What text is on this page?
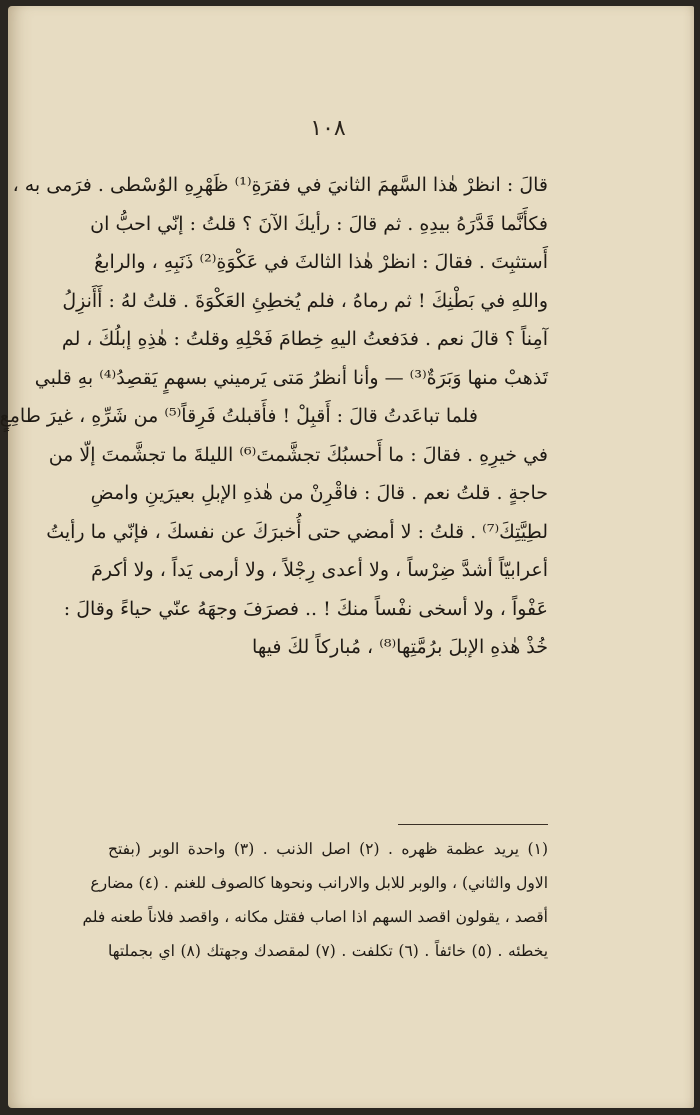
١٠٨
قالَ : انظرْ هٰذا السَّهمَ الثانيَ في فقرَةِ⁽¹⁾ ظَهْرِهِ الوُسْطى . فرَمى به ،
فكأَنَّما قَدَّرَهُ بيدِهِ . ثم قالَ : رأيكَ الآنَ ؟ قلتُ : إنّي احبُّ ان
أَستثبِتَ . فقالَ : انظرْ هٰذا الثالثَ في عَكْوَةِ⁽²⁾ ذَنَبِهِ ، والرابعُ
واللهِ في بَطْنِكَ ! ثم رماهُ ، فلم يُخطِئِ العَكْوَةَ . قلتُ لهُ : أَأَنزِلُ
آمِناً ؟ قالَ نعم . فدَفعتُ اليهِ خِطامَ فَحْلِهِ وقلتُ : هٰذِهِ إبلُكَ ، لم
تَذهبْ منها وَبَرَةٌ⁽³⁾ — وأنا أنظرُ مَتى يَرميني بسهمٍ يَقصِدُ⁽⁴⁾ بهِ قلبي
فلما تباعَدتُ قالَ : أَقبِلْ ! فأَقبلتُ فَرِقاً⁽⁵⁾ من شَرِّهِ ، غيرَ طامِعٍ
في خيرِهِ . فقالَ : ما أَحسبُكَ تجشَّمتَ⁽⁶⁾ الليلةَ ما تجشَّمتَ إلّا من
حاجةٍ . قلتُ نعم . قالَ : فاقْرِنْ من هٰذهِ الإبلِ بعيرَينِ وامضِ
لطِيَّتِكَ⁽⁷⁾ . قلتُ : لا أمضي حتى أُخبرَكَ عن نفسكَ ، فإنّي ما رأيتُ
أعرابيّاً أشدَّ ضِرْساً ، ولا أعدى رِجْلاً ، ولا أرمى يَداً ، ولا أكرمَ
عَفْواً ، ولا أسخى نفْساً منكَ ! .. فصرَفَ وجهَهُ عنّي حياءً وقالَ :
خُذْ هٰذهِ الإبلَ برُمَّتِها⁽⁸⁾ ، مُباركاً لكَ فيها
(١) يريد عظمة ظهره . (٢) اصل الذنب . (٣) واحدة الوبر (بفتح
الاول والثاني) ، والوبر للابل والارانب ونحوها كالصوف للغنم . (٤) مضارع
أقصد ، يقولون اقصد السهم اذا اصاب فقتل مكانه ، واقصد فلاناً طعنه فلم
يخطئه . (٥) خائفاً . (٦) تكلفت . (٧) لمقصدك وجهتك (٨) اي بجملتها
